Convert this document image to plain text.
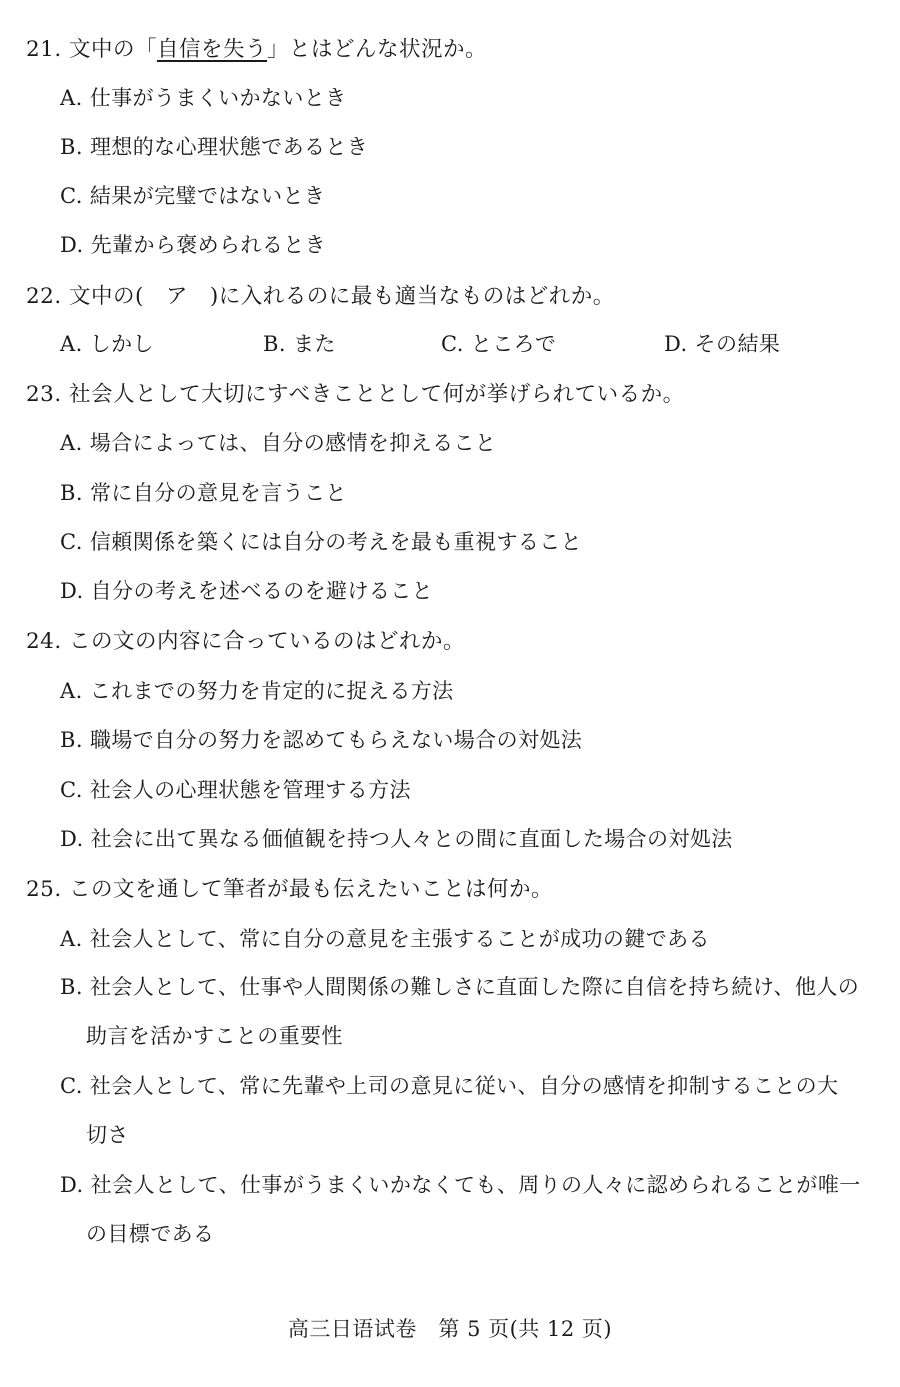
21. 文中の「自信を失う」とはどんな状況か。
A. 仕事がうまくいかないとき
B. 理想的な心理状態であるとき
C. 結果が完璧ではないとき
D. 先輩から褒められるとき
22. 文中の(　ア　)に入れるのに最も適当なものはどれか。
A. しかし	B. また	C. ところで	D. その結果
23. 社会人として大切にすべきこととして何が挙げられているか。
A. 場合によっては、自分の感情を抑えること
B. 常に自分の意見を言うこと
C. 信頼関係を築くには自分の考えを最も重視すること
D. 自分の考えを述べるのを避けること
24. この文の内容に合っているのはどれか。
A. これまでの努力を肯定的に捉える方法
B. 職場で自分の努力を認めてもらえない場合の対処法
C. 社会人の心理状態を管理する方法
D. 社会に出て異なる価値観を持つ人々との間に直面した場合の対処法
25. この文を通して筆者が最も伝えたいことは何か。
A. 社会人として、常に自分の意見を主張することが成功の鍵である
B. 社会人として、仕事や人間関係の難しさに直面した際に自信を持ち続け、他人の
助言を活かすことの重要性
C. 社会人として、常に先輩や上司の意見に従い、自分の感情を抑制することの大
切さ
D. 社会人として、仕事がうまくいかなくても、周りの人々に認められることが唯一
の目標である
高三日语试卷　第 5 页(共 12 页)
